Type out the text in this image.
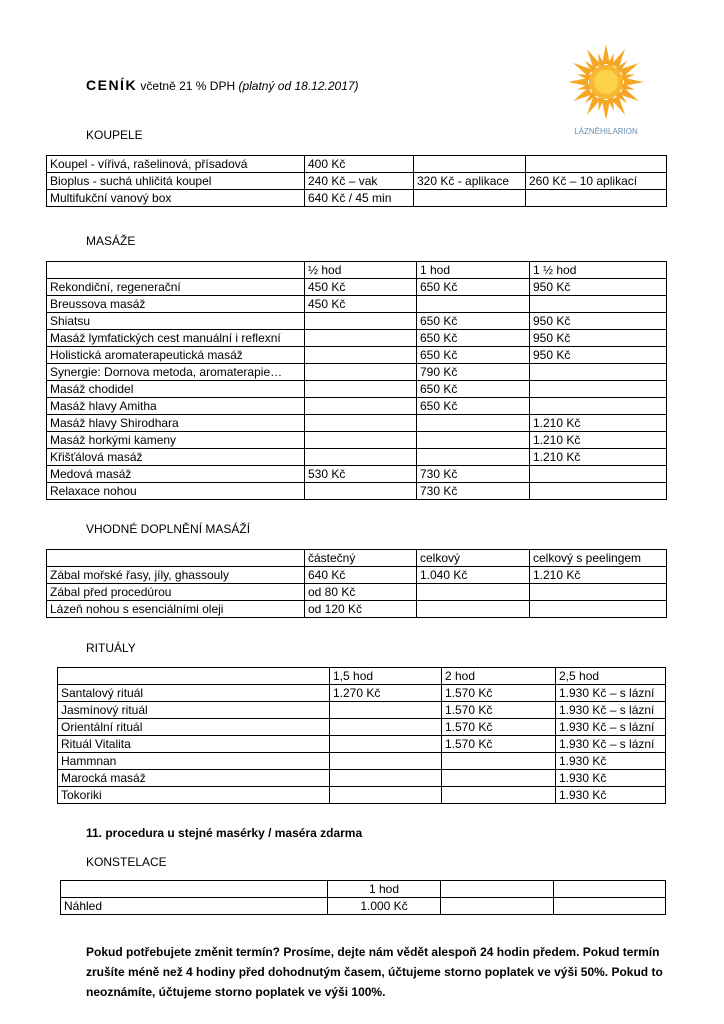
CENÍK včetně 21 % DPH (platný od 18.12.2017)
LÁZNĚHILARION
KOUPELE
Koupel - vířivá, rašelinová, přísadová	400 Kč		
Bioplus - suchá uhličitá koupel	240 Kč – vak	320 Kč - aplikace	260 Kč – 10 aplikací
Multifukční vanový box	640 Kč / 45 min		
MASÁŽE
	½ hod	1 hod	1 ½ hod
Rekondiční, regenerační	450 Kč	650 Kč	950 Kč
Breussova masáž	450 Kč		
Shiatsu		650 Kč	950 Kč
Masáž lymfatických cest manuální i reflexní		650 Kč	950 Kč
Holistická aromaterapeutická masáž		650 Kč	950 Kč
Synergie: Dornova metoda, aromaterapie…		790 Kč	
Masáž chodidel		650 Kč	
Masáž hlavy Amitha		650 Kč	
Masáž hlavy Shirodhara			1.210 Kč
Masáž horkými kameny			1.210 Kč
Křišťálová masáž			1.210 Kč
Medová masáž	530 Kč	730 Kč	
Relaxace nohou		730 Kč	
VHODNÉ DOPLNĚNÍ MASÁŽÍ
	částečný	celkový	celkový s peelingem
Zábal mořské řasy, jíly, ghassouly	640 Kč	1.040 Kč	1.210 Kč
Zábal před procedúrou	od 80 Kč		
Lázeň nohou s esenciálními oleji	od 120 Kč		
RITUÁLY
	1,5 hod	2 hod	2,5 hod
Santalový rituál	1.270 Kč	1.570 Kč	1.930 Kč – s lázní
Jasmínový rituál		1.570 Kč	1.930 Kč – s lázní
Orientální rituál		1.570 Kč	1.930 Kč – s lázní
Rituál Vitalita		1.570 Kč	1.930 Kč – s lázní
Hammnan			1.930 Kč
Marocká masáž			1.930 Kč
Tokoriki			1.930 Kč
11. procedura u stejné masérky / maséra zdarma
KONSTELACE
	1 hod		
Náhled	1.000 Kč		
Pokud potřebujete změnit termín? Prosíme, dejte nám vědět alespoň 24 hodin předem. Pokud termín zrušíte méně než 4 hodiny před dohodnutým časem, účtujeme storno poplatek ve výši 50%. Pokud to neoznámíte, účtujeme storno poplatek ve výši 100%.
